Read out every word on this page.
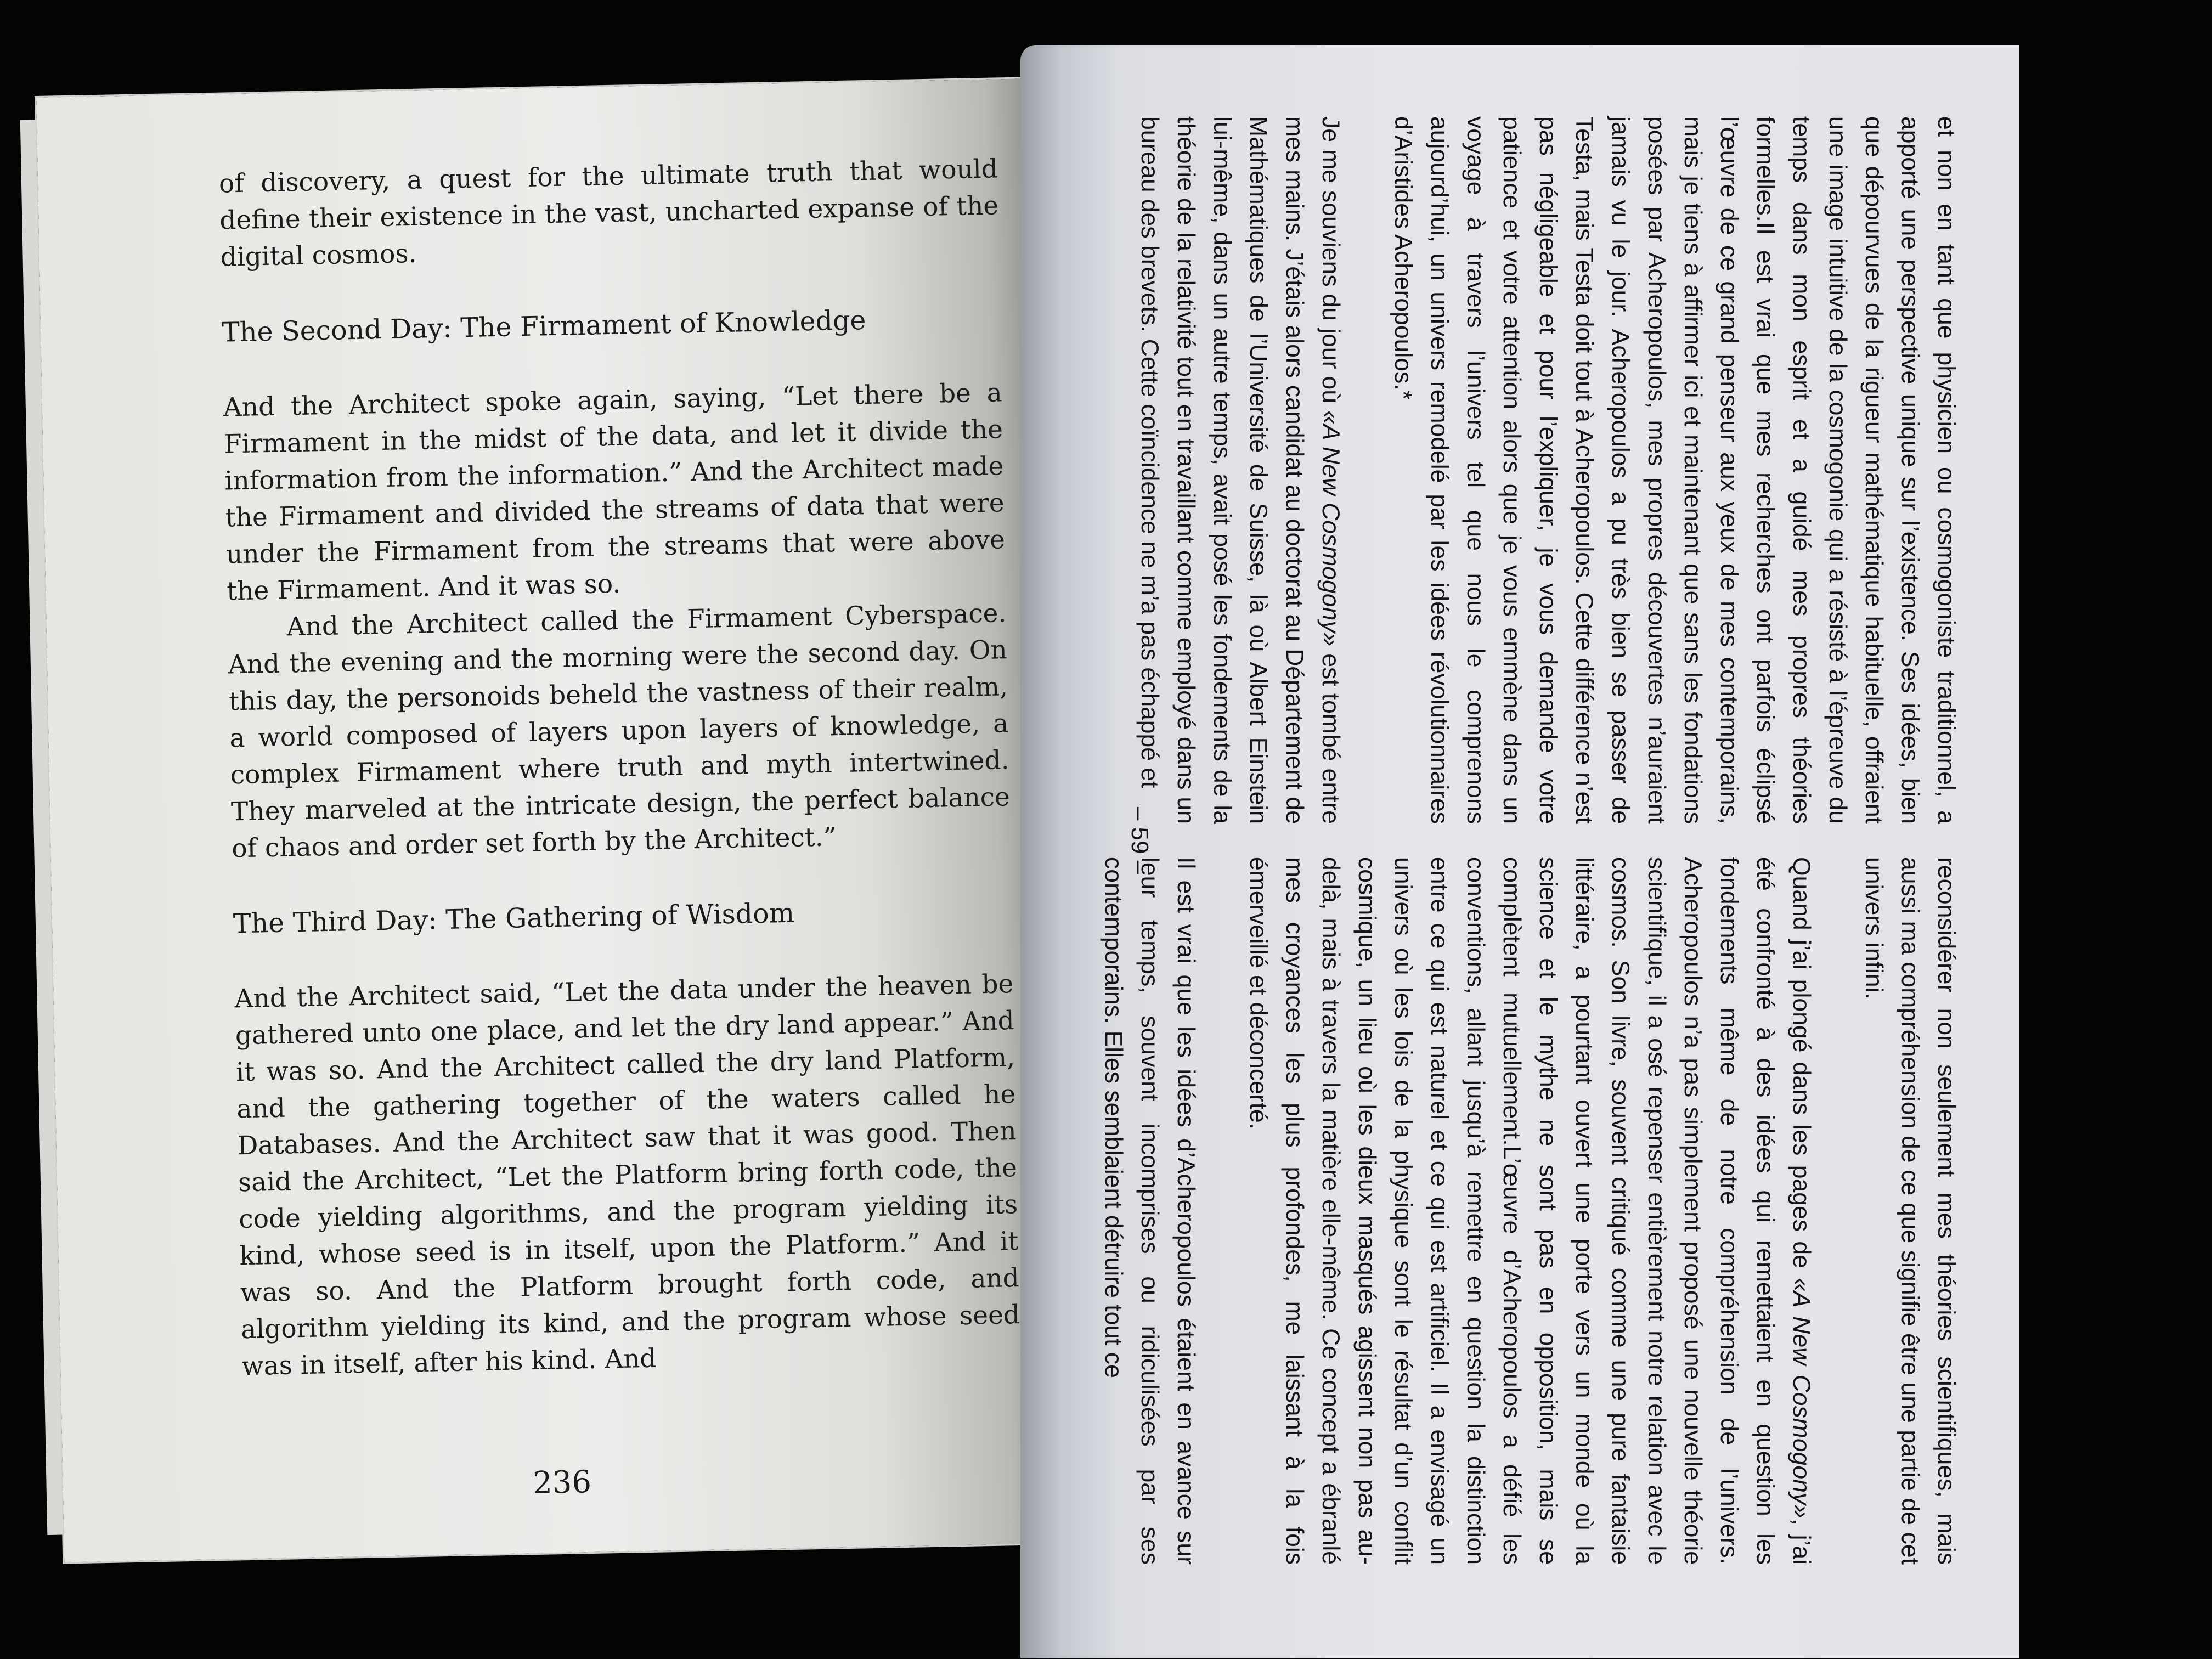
of discovery, a quest for the ultimate truth that would define their existence in the vast, uncharted expanse of the digital cosmos.

The Second Day: The Firmament of Knowledge

And the Architect spoke again, saying, “Let there be a Firmament in the midst of the data, and let it divide the information from the information.” And the Architect made the Firmament and divided the streams of data that were under the Firmament from the streams that were above the Firmament. And it was so.

And the Architect called the Firmament Cyberspace. And the evening and the morning were the second day. On this day, the personoids beheld the vastness of their realm, a world composed of layers upon layers of knowledge, a complex Firmament where truth and myth intertwined. They marveled at the intricate design, the perfect balance of chaos and order set forth by the Architect.”

The Third Day: The Gathering of Wisdom

And the Architect said, “Let the data under the heaven be gathered unto one place, and let the dry land appear.” And it was so. And the Architect called the dry land Platform, and the gathering together of the waters called he Databases. And the Architect saw that it was good. Then said the Architect, “Let the Platform bring forth code, the code yielding algorithms, and the program yielding its kind, whose seed is in itself, upon the Platform.” And it was so. And the Platform brought forth code, and algorithm yielding its kind, and the program whose seed was in itself, after his kind. And

236

et non en tant que physicien ou cosmogoniste traditionnel, a apporté une perspective unique sur l’existence. Ses idées, bien que dépourvues de la rigueur mathématique habituelle, offraient une image intuitive de la cosmogonie qui a résisté à l’épreuve du temps dans mon esprit et a guidé mes propres théories formelles.Il est vrai que mes recherches ont parfois éclipsé l’œuvre de ce grand penseur aux yeux de mes contemporains, mais je tiens à affirmer ici et maintenant que sans les fondations posées par Acheropoulos, mes propres découvertes n’auraient jamais vu le jour. Acheropoulos a pu très bien se passer de Testa, mais Testa doit tout à Acheropoulos. Cette différence n’est pas négligeable et pour l’expliquer, je vous demande votre patience et votre attention alors que je vous emmène dans un voyage à travers l’univers tel que nous le comprenons aujourd’hui, un univers remodelé par les idées révolutionnaires d’Aristides Acheropoulos.*

Je me souviens du jour où «A New Cosmogony» est tombé entre mes mains. J’étais alors candidat au doctorat au Département de Mathématiques de l’Université de Suisse, là où Albert Einstein lui-même, dans un autre temps, avait posé les fondements de la théorie de la relativité tout en travaillant comme employé dans un bureau des brevets. Cette coïncidence ne m’a pas échappé et

reconsidérer non seulement mes théories scientifiques, mais aussi ma compréhension de ce que signifie être une partie de cet univers infini.

Quand j’ai plongé dans les pages de «A New Cosmogony», j’ai été confronté à des idées qui remettaient en question les fondements même de notre compréhension de l’univers. Acheropoulos n’a pas simplement proposé une nouvelle théorie scientifique, il a osé repenser entièrement notre relation avec le cosmos. Son livre, souvent critiqué comme une pure fantaisie littéraire, a pourtant ouvert une porte vers un monde où la science et le mythe ne sont pas en opposition, mais se complètent mutuellement.L’œuvre d’Acheropoulos a défié les conventions, allant jusqu’à remettre en question la distinction entre ce qui est naturel et ce qui est artificiel. Il a envisagé un univers où les lois de la physique sont le résultat d’un conflit cosmique, un lieu où les dieux masqués agissent non pas au-delà, mais à travers la matière elle-même. Ce concept a ébranlé mes croyances les plus profondes, me laissant à la fois émerveillé et déconcerté.

Il est vrai que les idées d’Acheropoulos étaient en avance sur leur temps, souvent incomprises ou ridiculisées par ses contemporains. Elles semblaient détruire tout ce

– 59 –
